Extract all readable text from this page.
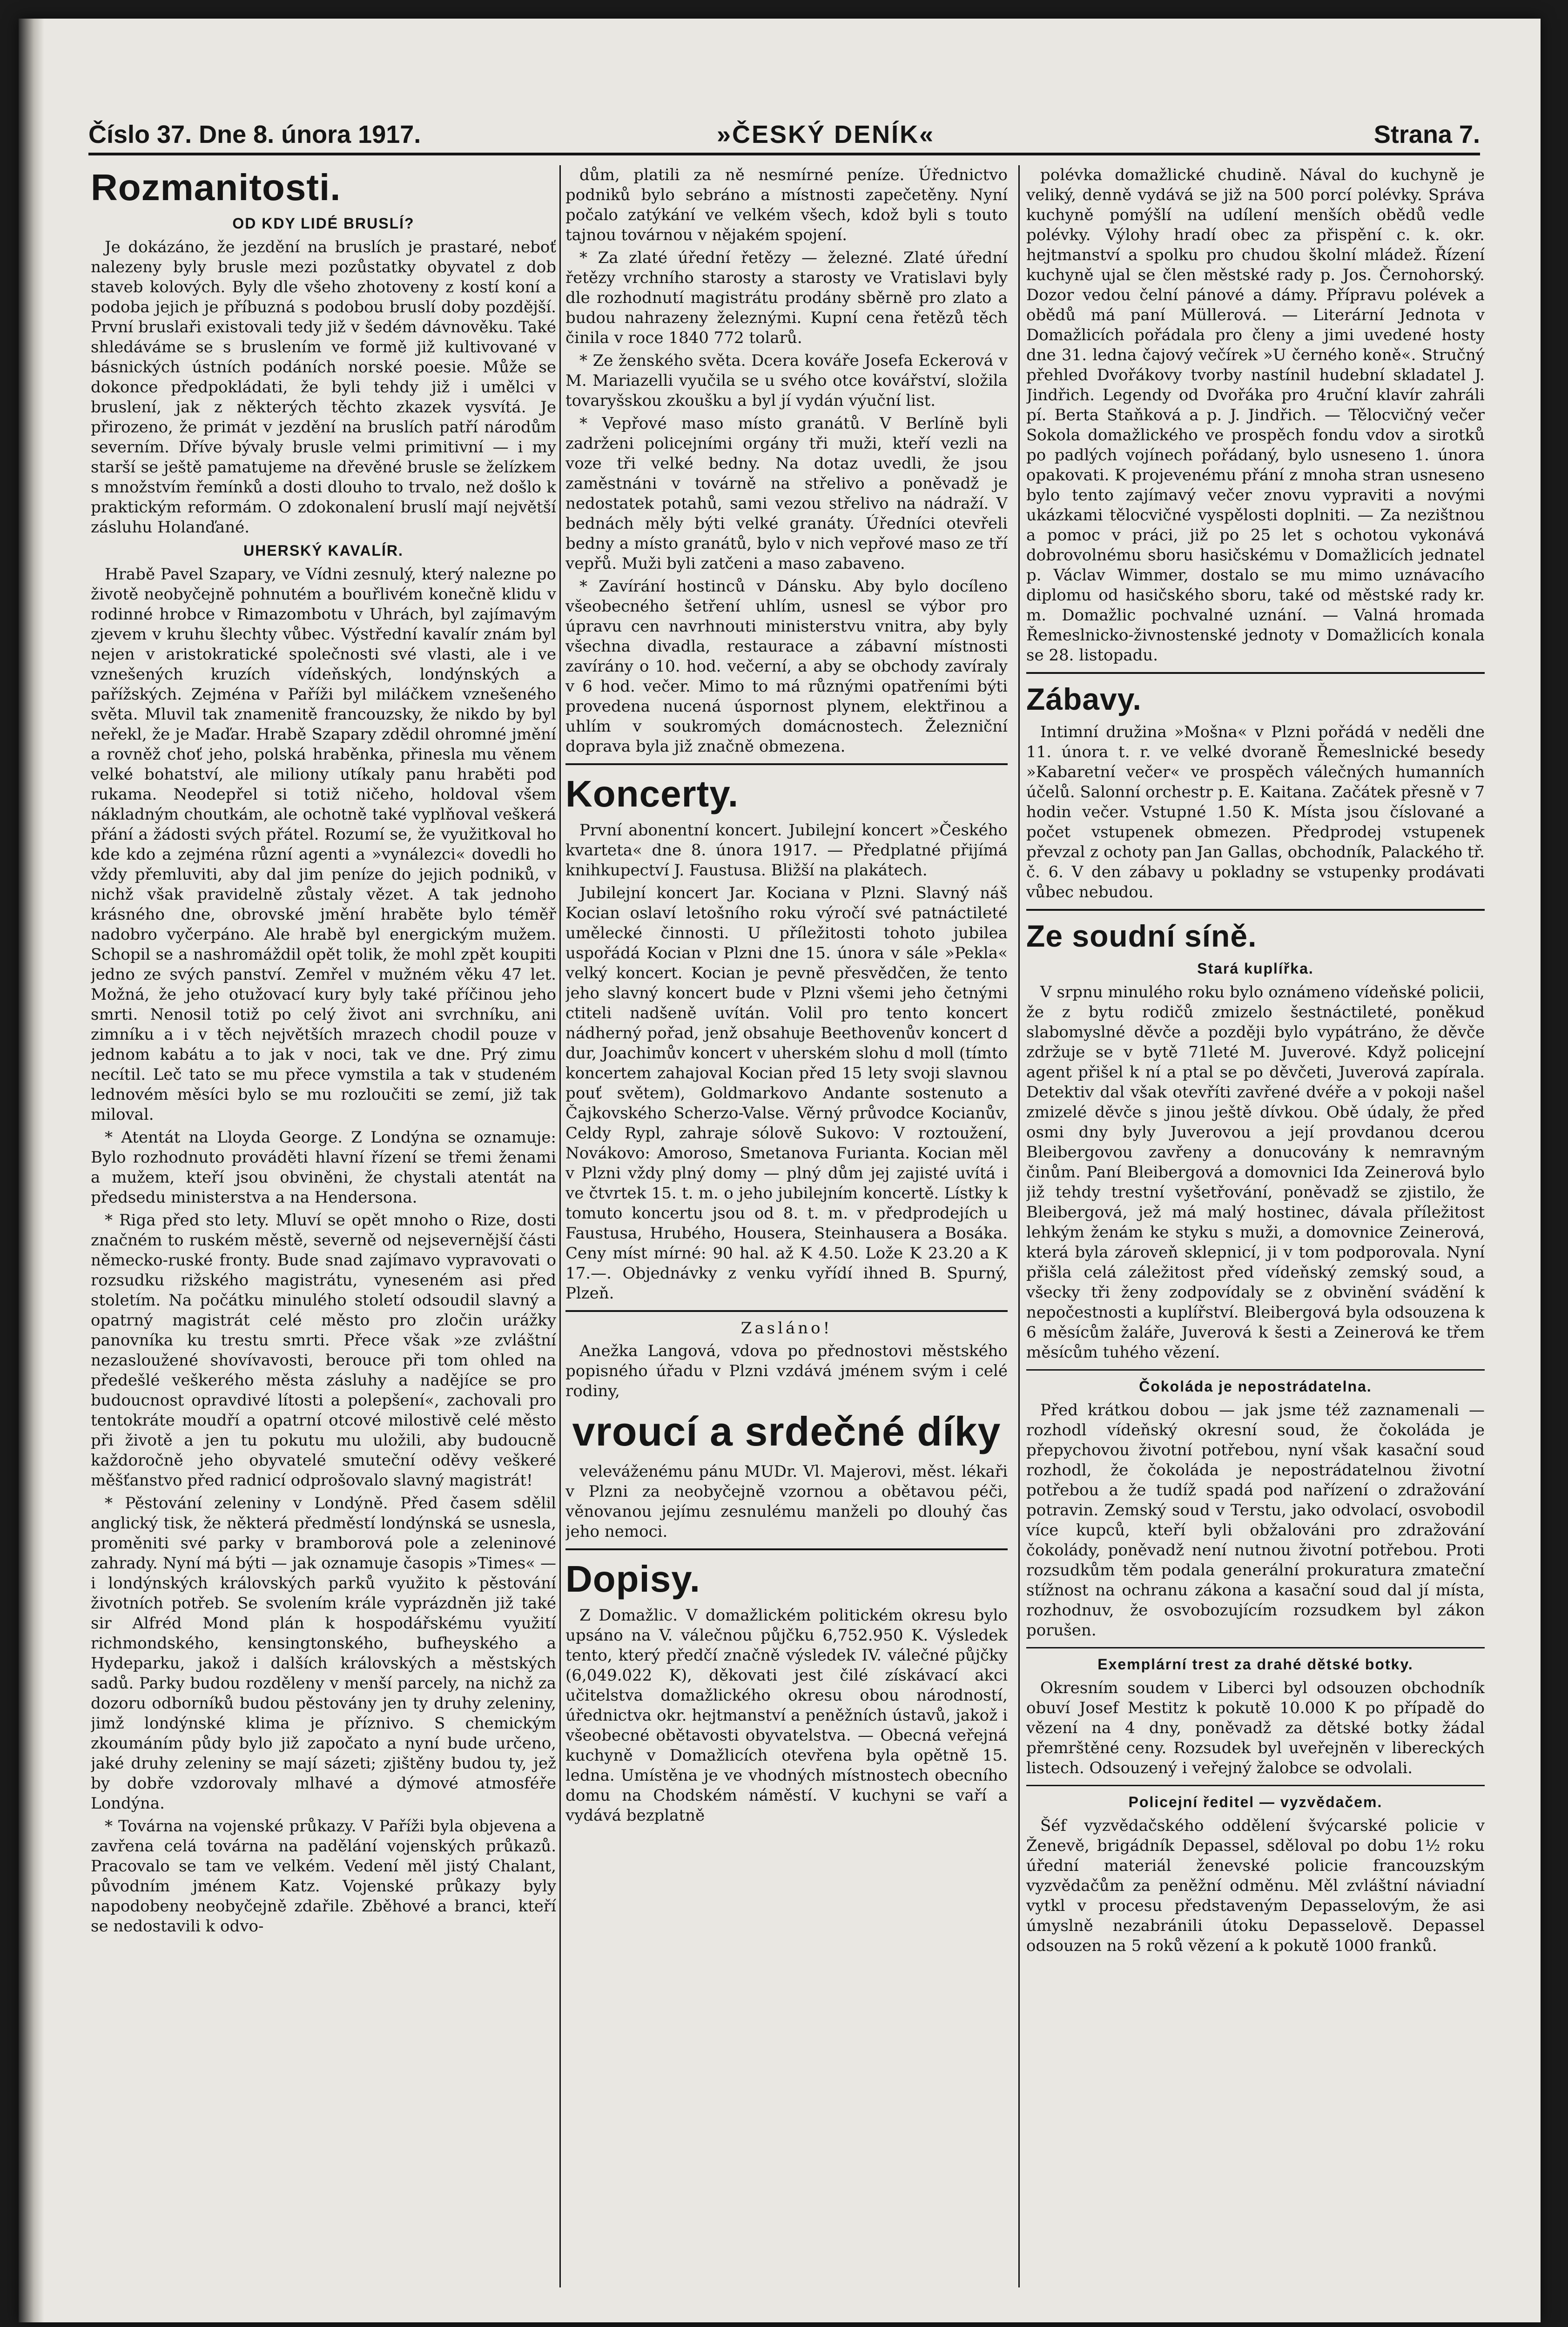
Číslo 37. Dne 8. února 1917.	»ČESKÝ DENÍK«	Strana 7.
Rozmanitosti.
OD KDY LIDÉ BRUSLÍ?

Je dokázáno, že jezdění na bruslích je prastaré, neboť nalezeny byly brusle mezi pozůstatky obyvatel z dob staveb kolových. Byly dle všeho zhotoveny z kostí koní a podoba jejich je příbuzná s podobou bruslí doby pozdější. První bruslaři existovali tedy již v šedém dávnověku. Také shledáváme se s bruslením ve formě již kultivované v básnických ústních podáních norské poesie. Může se dokonce předpokládati, že byli tehdy již i umělci v bruslení, jak z některých těchto zkazek vysvítá. Je přirozeno, že primát v jezdění na bruslích patří národům severním. Dříve bývaly brusle velmi primitivní — i my starší se ještě pamatujeme na dřevěné brusle se želízkem s množstvím řemínků a dosti dlouho to trvalo, než došlo k praktickým reformám. O zdokonalení bruslí mají největší zásluhu Holanďané.

UHERSKÝ KAVALÍR.

Hrabě Pavel Szapary, ve Vídni zesnulý, který nalezne po životě neobyčejně pohnutém a bouřlivém konečně klidu v rodinné hrobce v Rimazombotu v Uhrách, byl zajímavým zjevem v kruhu šlechty vůbec. Výstřední kavalír znám byl nejen v aristokratické společnosti své vlasti, ale i ve vznešených kruzích vídeňských, londýnských a pařížských. Zejména v Paříži byl miláčkem vznešeného světa. Mluvil tak znamenitě francouzsky, že nikdo by byl neřekl, že je Maďar. Hrabě Szapary zdědil ohromné jmění a rovněž choť jeho, polská hraběnka, přinesla mu věnem velké bohatství, ale miliony utíkaly panu hraběti pod rukama. Neodepřel si totiž ničeho, holdoval všem nákladným choutkám, ale ochotně také vyplňoval veškerá přání a žádosti svých přátel. Rozumí se, že využitkoval ho kde kdo a zejména různí agenti a »vynálezci« dovedli ho vždy přemluviti, aby dal jim peníze do jejich podniků, v nichž však pravidelně zůstaly vězet. A tak jednoho krásného dne, obrovské jmění hraběte bylo téměř nadobro vyčerpáno. Ale hrabě byl energickým mužem. Schopil se a nashromáždil opět tolik, že mohl zpět koupiti jedno ze svých panství. Zemřel v mužném věku 47 let. Možná, že jeho otužovací kury byly také příčinou jeho smrti. Nenosil totiž po celý život ani svrchníku, ani zimníku a i v těch největších mrazech chodil pouze v jednom kabátu a to jak v noci, tak ve dne. Prý zimu necítil. Leč tato se mu přece vymstila a tak v studeném lednovém měsíci bylo se mu rozloučiti se zemí, již tak miloval.

* Atentát na Lloyda George. Z Londýna se oznamuje: Bylo rozhodnuto prováděti hlavní řízení se třemi ženami a mužem, kteří jsou obviněni, že chystali atentát na předsedu ministerstva a na Hendersona.

* Riga před sto lety. Mluví se opět mnoho o Rize, dosti značném to ruském městě, severně od nejsevernější části německo-ruské fronty. Bude snad zajímavo vypravovati o rozsudku rižského magistrátu, vyneseném asi před stoletím. Na počátku minulého století odsoudil slavný a opatrný magistrát celé město pro zločin urážky panovníka ku trestu smrti. Přece však »ze zvláštní nezasloužené shovívavosti, berouce při tom ohled na předešlé veškerého města zásluhy a nadějíce se pro budoucnost opravdivé lítosti a polepšení«, zachovali pro tentokráte moudří a opatrní otcové milostivě celé město při životě a jen tu pokutu mu uložili, aby budoucně každoročně jeho obyvatelé smuteční oděvy veškeré měšťanstvo před radnicí odprošovalo slavný magistrát!

* Pěstování zeleniny v Londýně. Před časem sdělil anglický tisk, že některá předměstí londýnská se usnesla, proměniti své parky v bramborová pole a zeleninové zahrady. Nyní má býti — jak oznamuje časopis »Times« — i londýnských královských parků využito k pěstování životních potřeb. Se svolením krále vyprázdněn již také sir Alfréd Mond plán k hospodářskému využití richmondského, kensingtonského, bufheyského a Hydeparku, jakož i dalších královských a městských sadů. Parky budou rozděleny v menší parcely, na nichž za dozoru odborníků budou pěstovány jen ty druhy zeleniny, jimž londýnské klima je příznivo. S chemickým zkoumáním půdy bylo již započato a nyní bude určeno, jaké druhy zeleniny se mají sázeti; zjištěny budou ty, jež by dobře vzdorovaly mlhavé a dýmové atmosféře Londýna.

* Továrna na vojenské průkazy. V Paříži byla objevena a zavřena celá továrna na padělání vojenských průkazů. Pracovalo se tam ve velkém. Vedení měl jistý Chalant, původním jménem Katz. Vojenské průkazy byly napodobeny neobyčejně zdařile. Zběhové a branci, kteří se nedostavili k odvo-

dům, platili za ně nesmírné peníze. Úřednictvo podniků bylo sebráno a místnosti zapečetěny. Nyní počalo zatýkání ve velkém všech, kdož byli s touto tajnou továrnou v nějakém spojení.

* Za zlaté úřední řetězy — železné. Zlaté úřední řetězy vrchního starosty a starosty ve Vratislavi byly dle rozhodnutí magistrátu prodány sběrně pro zlato a budou nahrazeny železnými. Kupní cena řetězů těch činila v roce 1840 772 tolarů.

* Ze ženského světa. Dcera kováře Josefa Eckerová v M. Mariazelli vyučila se u svého otce kovářství, složila tovaryšskou zkoušku a byl jí vydán výuční list.

* Vepřové maso místo granátů. V Berlíně byli zadrženi policejními orgány tři muži, kteří vezli na voze tři velké bedny. Na dotaz uvedli, že jsou zaměstnáni v továrně na střelivo a poněvadž je nedostatek potahů, sami vezou střelivo na nádraží. V bednách měly býti velké granáty. Úředníci otevřeli bedny a místo granátů, bylo v nich vepřové maso ze tří vepřů. Muži byli zatčeni a maso zabaveno.

* Zavírání hostinců v Dánsku. Aby bylo docíleno všeobecného šetření uhlím, usnesl se výbor pro úpravu cen navrhnouti ministerstvu vnitra, aby byly všechna divadla, restaurace a zábavní místnosti zavírány o 10. hod. večerní, a aby se obchody zavíraly v 6 hod. večer. Mimo to má různými opatřeními býti provedena nucená úspornost plynem, elektřinou a uhlím v soukromých domácnostech. Železniční doprava byla již značně obmezena.

Koncerty.

První abonentní koncert. Jubilejní koncert »Českého kvarteta« dne 8. února 1917. — Předplatné přijímá knihkupectví J. Faustusa. Bližší na plakátech.

Jubilejní koncert Jar. Kociana v Plzni. Slavný náš Kocian oslaví letošního roku výročí své patnáctileté umělecké činnosti. U příležitosti tohoto jubilea uspořádá Kocian v Plzni dne 15. února v sále »Pekla« velký koncert. Kocian je pevně přesvědčen, že tento jeho slavný koncert bude v Plzni všemi jeho četnými ctiteli nadšeně uvítán. Volil pro tento koncert nádherný pořad, jenž obsahuje Beethovenův koncert d dur, Joachimův koncert v uherském slohu d moll (tímto koncertem zahajoval Kocian před 15 lety svoji slavnou pouť světem), Goldmarkovo Andante sostenuto a Čajkovského Scherzo-Valse. Věrný průvodce Kocianův, Celdy Rypl, zahraje sólově Sukovo: V roztoužení, Novákovo: Amoroso, Smetanova Furianta. Kocian měl v Plzni vždy plný domy — plný dům jej zajisté uvítá i ve čtvrtek 15. t. m. o jeho jubilejním koncertě. Lístky k tomuto koncertu jsou od 8. t. m. v předprodejích u Faustusa, Hrubého, Housera, Steinhausera a Bosáka. Ceny míst mírné: 90 hal. až K 4.50. Lože K 23.20 a K 17.—. Objednávky z venku vyřídí ihned B. Spurný, Plzeň.

Zasláno!

Anežka Langová, vdova po přednostovi městského popisného úřadu v Plzni vzdává jménem svým i celé rodiny,

vroucí a srdečné díky

veleváženému pánu MUDr. Vl. Majerovi, měst. lékaři v Plzni za neobyčejně vzornou a obětavou péči, věnovanou jejímu zesnulému manželi po dlouhý čas jeho nemoci.

Dopisy.

Z Domažlic. V domažlickém politickém okresu bylo upsáno na V. válečnou půjčku 6,752.950 K. Výsledek tento, který předčí značně výsledek IV. válečné půjčky (6,049.022 K), děkovati jest čilé získávací akci učitelstva domažlického okresu obou národností, úřednictva okr. hejtmanství a peněžních ústavů, jakož i všeobecné obětavosti obyvatelstva. — Obecná veřejná kuchyně v Domažlicích otevřena byla opětně 15. ledna. Umístěna je ve vhodných místnostech obecního domu na Chodském náměstí. V kuchyni se vaří a vydává bezplatně

polévka domažlické chudině. Nával do kuchyně je veliký, denně vydává se již na 500 porcí polévky. Správa kuchyně pomýšlí na udílení menších obědů vedle polévky. Výlohy hradí obec za přispění c. k. okr. hejtmanství a spolku pro chudou školní mládež. Řízení kuchyně ujal se člen městské rady p. Jos. Černohorský. Dozor vedou čelní pánové a dámy. Přípravu polévek a obědů má paní Müllerová. — Literární Jednota v Domažlicích pořádala pro členy a jimi uvedené hosty dne 31. ledna čajový večírek »U černého koně«. Stručný přehled Dvořákovy tvorby nastínil hudební skladatel J. Jindřich. Legendy od Dvořáka pro 4ruční klavír zahráli pí. Berta Staňková a p. J. Jindřich. — Tělocvičný večer Sokola domažlického ve prospěch fondu vdov a sirotků po padlých vojínech pořádaný, bylo usneseno 1. února opakovati. K projevenému přání z mnoha stran usneseno bylo tento zajímavý večer znovu vypraviti a novými ukázkami tělocvičné vyspělosti doplniti. — Za nezištnou a pomoc v práci, již po 25 let s ochotou vykonává dobrovolnému sboru hasičskému v Domažlicích jednatel p. Václav Wimmer, dostalo se mu mimo uznávacího diplomu od hasičského sboru, také od městské rady kr. m. Domažlic pochvalné uznání. — Valná hromada Řemeslnicko-živnostenské jednoty v Domažlicích konala se 28. listopadu.

Zábavy.

Intimní družina »Mošna« v Plzni pořádá v neděli dne 11. února t. r. ve velké dvoraně Řemeslnické besedy »Kabaretní večer« ve prospěch válečných humanních účelů. Salonní orchestr p. E. Kaitana. Začátek přesně v 7 hodin večer. Vstupné 1.50 K. Místa jsou číslované a počet vstupenek obmezen. Předprodej vstupenek převzal z ochoty pan Jan Gallas, obchodník, Palackého tř. č. 6. V den zábavy u pokladny se vstupenky prodávati vůbec nebudou.

Ze soudní síně.
Stará kuplířka.

V srpnu minulého roku bylo oznámeno vídeňské policii, že z bytu rodičů zmizelo šestnáctileté, poněkud slabomyslné děvče a později bylo vypátráno, že děvče zdržuje se v bytě 71leté M. Juverové. Když policejní agent přišel k ní a ptal se po děvčeti, Juverová zapírala. Detektiv dal však otevříti zavřené dvéře a v pokoji našel zmizelé děvče s jinou ještě dívkou. Obě údaly, že před osmi dny byly Juverovou a její provdanou dcerou Bleibergovou zavřeny a donucovány k nemravným činům. Paní Bleibergová a domovnici Ida Zeinerová bylo již tehdy trestní vyšetřování, poněvadž se zjistilo, že Bleibergová, jež má malý hostinec, dávala příležitost lehkým ženám ke styku s muži, a domovnice Zeinerová, která byla zároveň sklepnicí, ji v tom podporovala. Nyní přišla celá záležitost před vídeňský zemský soud, a všecky tři ženy zodpovídaly se z obvinění svádění k nepočestnosti a kuplířství. Bleibergová byla odsouzena k 6 měsícům žaláře, Juverová k šesti a Zeinerová ke třem měsícům tuhého vězení.

Čokoláda je nepostrádatelna.

Před krátkou dobou — jak jsme též zaznamenali — rozhodl vídeňský okresní soud, že čokoláda je přepychovou životní potřebou, nyní však kasační soud rozhodl, že čokoláda je nepostrádatelnou životní potřebou a že tudíž spadá pod nařízení o zdražování potravin. Zemský soud v Terstu, jako odvolací, osvobodil více kupců, kteří byli obžalováni pro zdražování čokolády, poněvadž není nutnou životní potřebou. Proti rozsudkům těm podala generální prokuratura zmateční stížnost na ochranu zákona a kasační soud dal jí místa, rozhodnuv, že osvobozujícím rozsudkem byl zákon porušen.

Exemplární trest za drahé dětské botky.

Okresním soudem v Liberci byl odsouzen obchodník obuví Josef Mestitz k pokutě 10.000 K po případě do vězení na 4 dny, poněvadž za dětské botky žádal přemrštěné ceny. Rozsudek byl uveřejněn v libereckých listech. Odsouzený i veřejný žalobce se odvolali.

Policejní ředitel — vyzvědačem.

Šéf vyzvědačského oddělení švýcarské policie v Ženevě, brigádník Depassel, sděloval po dobu 1½ roku úřední materiál ženevské policie francouzským vyzvědačům za peněžní odměnu. Měl zvláštní náviadní vytkl v procesu představeným Depasselovým, že asi úmyslně nezabránili útoku Depasselově. Depassel odsouzen na 5 roků vězení a k pokutě 1000 franků.
